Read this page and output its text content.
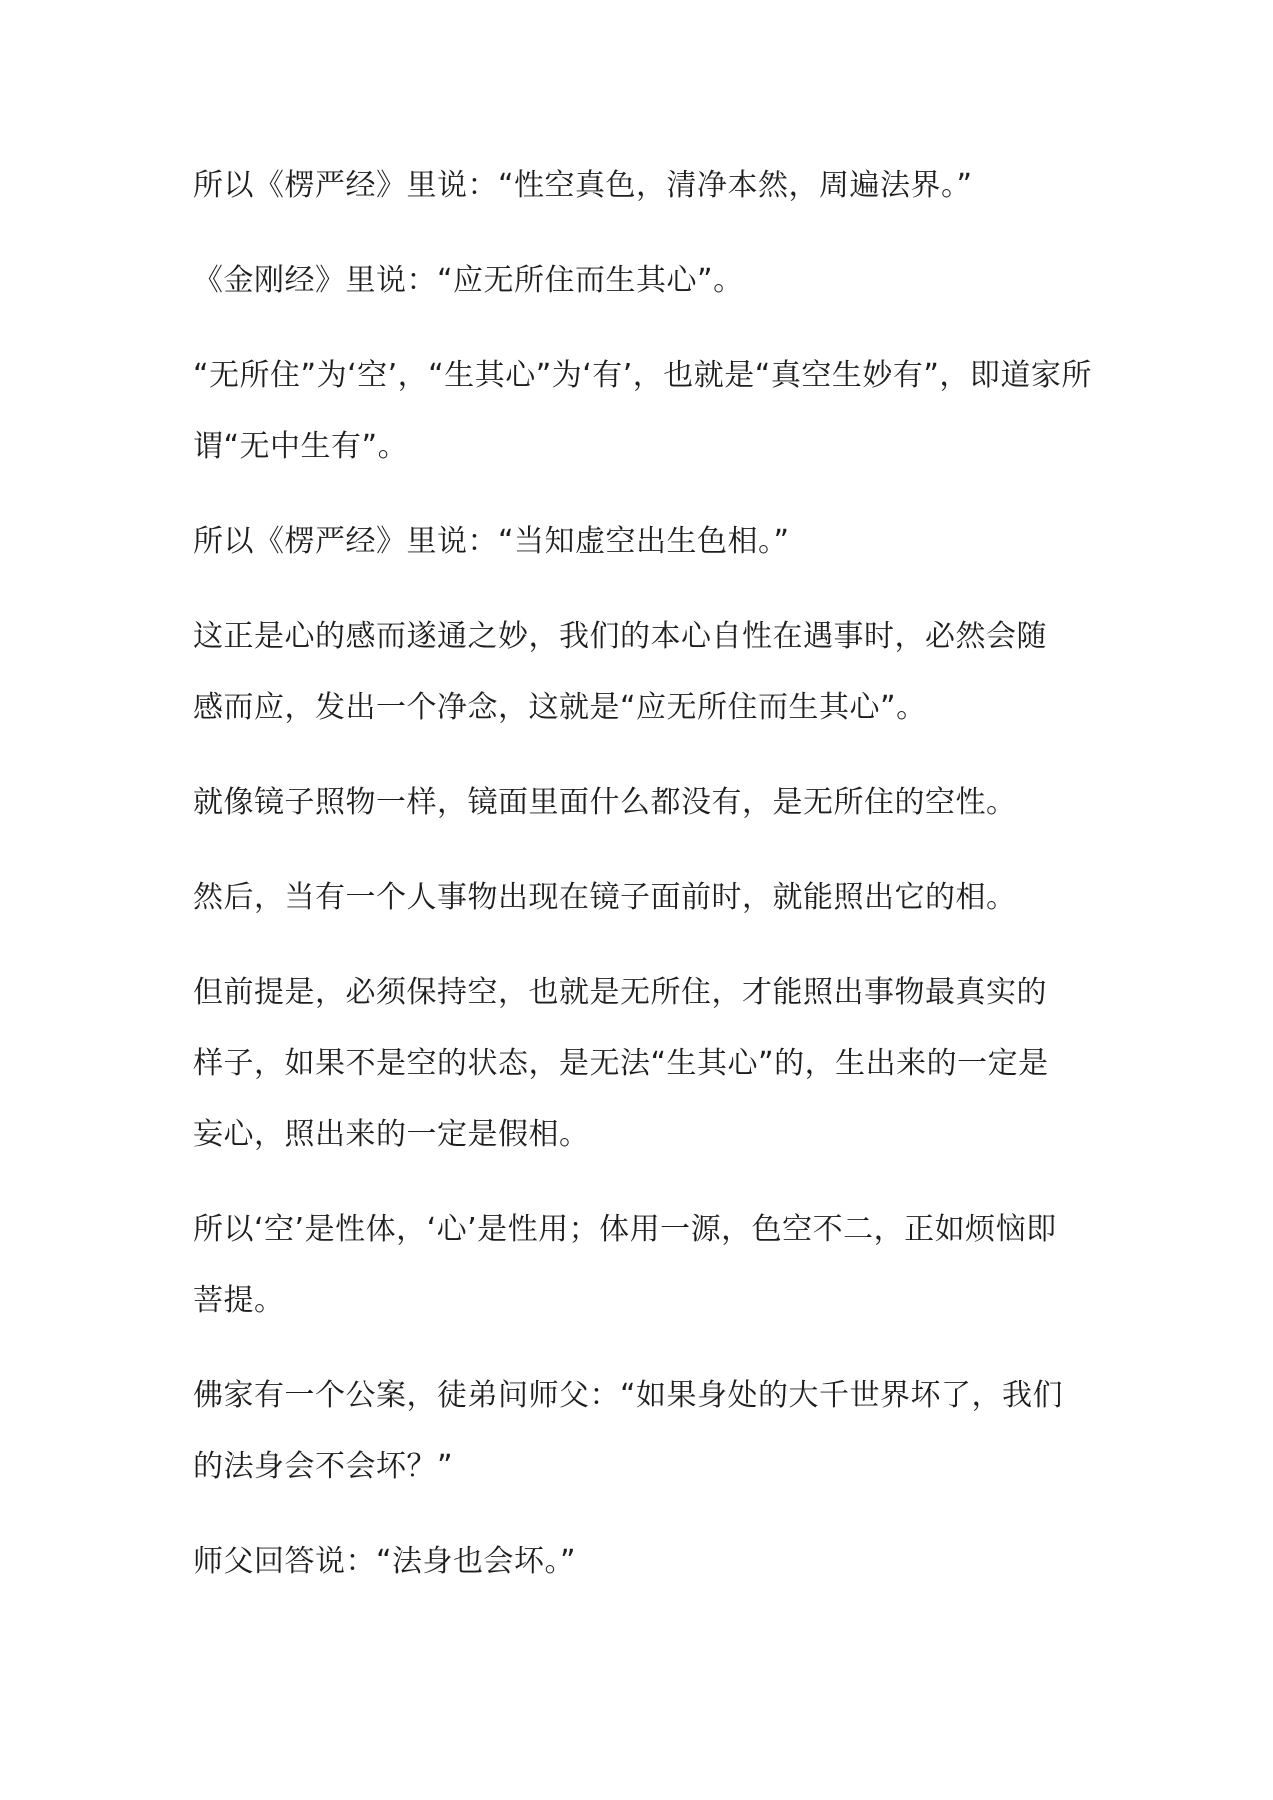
所以《楞严经》里说：“性空真色，清净本然，周遍法界。”

《金刚经》里说：“应无所住而生其心”。

“无所住”为‘空’，“生其心”为‘有’，也就是“真空生妙有”，即道家所
谓“无中生有”。

所以《楞严经》里说：“当知虚空出生色相。”

这正是心的感而遂通之妙，我们的本心自性在遇事时，必然会随
感而应，发出一个净念，这就是“应无所住而生其心”。

就像镜子照物一样，镜面里面什么都没有，是无所住的空性。

然后，当有一个人事物出现在镜子面前时，就能照出它的相。

但前提是，必须保持空，也就是无所住，才能照出事物最真实的
样子，如果不是空的状态，是无法“生其心”的，生出来的一定是
妄心，照出来的一定是假相。

所以‘空’是性体，‘心’是性用；体用一源，色空不二，正如烦恼即
菩提。

佛家有一个公案，徒弟问师父：“如果身处的大千世界坏了，我们
的法身会不会坏？”

师父回答说：“法身也会坏。”
